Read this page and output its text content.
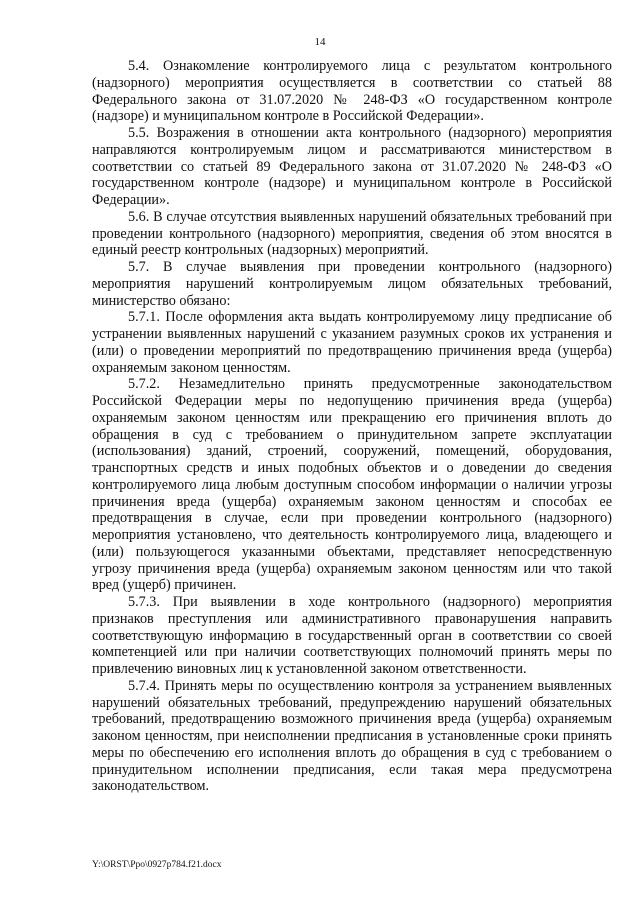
14

5.4. Ознакомление контролируемого лица с результатом контрольного (надзорного) мероприятия осуществляется в соответствии со статьей 88 Федерального закона от 31.07.2020 № 248-ФЗ «О государственном контроле (надзоре) и муниципальном контроле в Российской Федерации».

5.5. Возражения в отношении акта контрольного (надзорного) мероприятия направляются контролируемым лицом и рассматриваются министерством в соответствии со статьей 89 Федерального закона от 31.07.2020 № 248-ФЗ «О государственном контроле (надзоре) и муниципальном контроле в Российской Федерации».

5.6. В случае отсутствия выявленных нарушений обязательных требований при проведении контрольного (надзорного) мероприятия, сведения об этом вносятся в единый реестр контрольных (надзорных) мероприятий.

5.7. В случае выявления при проведении контрольного (надзорного) мероприятия нарушений контролируемым лицом обязательных требований, министерство обязано:

5.7.1. После оформления акта выдать контролируемому лицу предписание об устранении выявленных нарушений с указанием разумных сроков их устранения и (или) о проведении мероприятий по предотвращению причинения вреда (ущерба) охраняемым законом ценностям.

5.7.2. Незамедлительно принять предусмотренные законодательством Российской Федерации меры по недопущению причинения вреда (ущерба) охраняемым законом ценностям или прекращению его причинения вплоть до обращения в суд с требованием о принудительном запрете эксплуатации (использования) зданий, строений, сооружений, помещений, оборудования, транспортных средств и иных подобных объектов и о доведении до сведения контролируемого лица любым доступным способом информации о наличии угрозы причинения вреда (ущерба) охраняемым законом ценностям и способах ее предотвращения в случае, если при проведении контрольного (надзорного) мероприятия установлено, что деятельность контролируемого лица, владеющего и (или) пользующегося указанными объектами, представляет непосредственную угрозу причинения вреда (ущерба) охраняемым законом ценностям или что такой вред (ущерб) причинен.

5.7.3. При выявлении в ходе контрольного (надзорного) мероприятия признаков преступления или административного правонарушения направить соответствующую информацию в государственный орган в соответствии со своей компетенцией или при наличии соответствующих полномочий принять меры по привлечению виновных лиц к установленной законом ответственности.

5.7.4. Принять меры по осуществлению контроля за устранением выявленных нарушений обязательных требований, предупреждению нарушений обязательных требований, предотвращению возможного причинения вреда (ущерба) охраняемым законом ценностям, при неисполнении предписания в установленные сроки принять меры по обеспечению его исполнения вплоть до обращения в суд с требованием о принудительном исполнении предписания, если такая мера предусмотрена законодательством.

Y:\ORST\Ppo\0927p784.f21.docx
